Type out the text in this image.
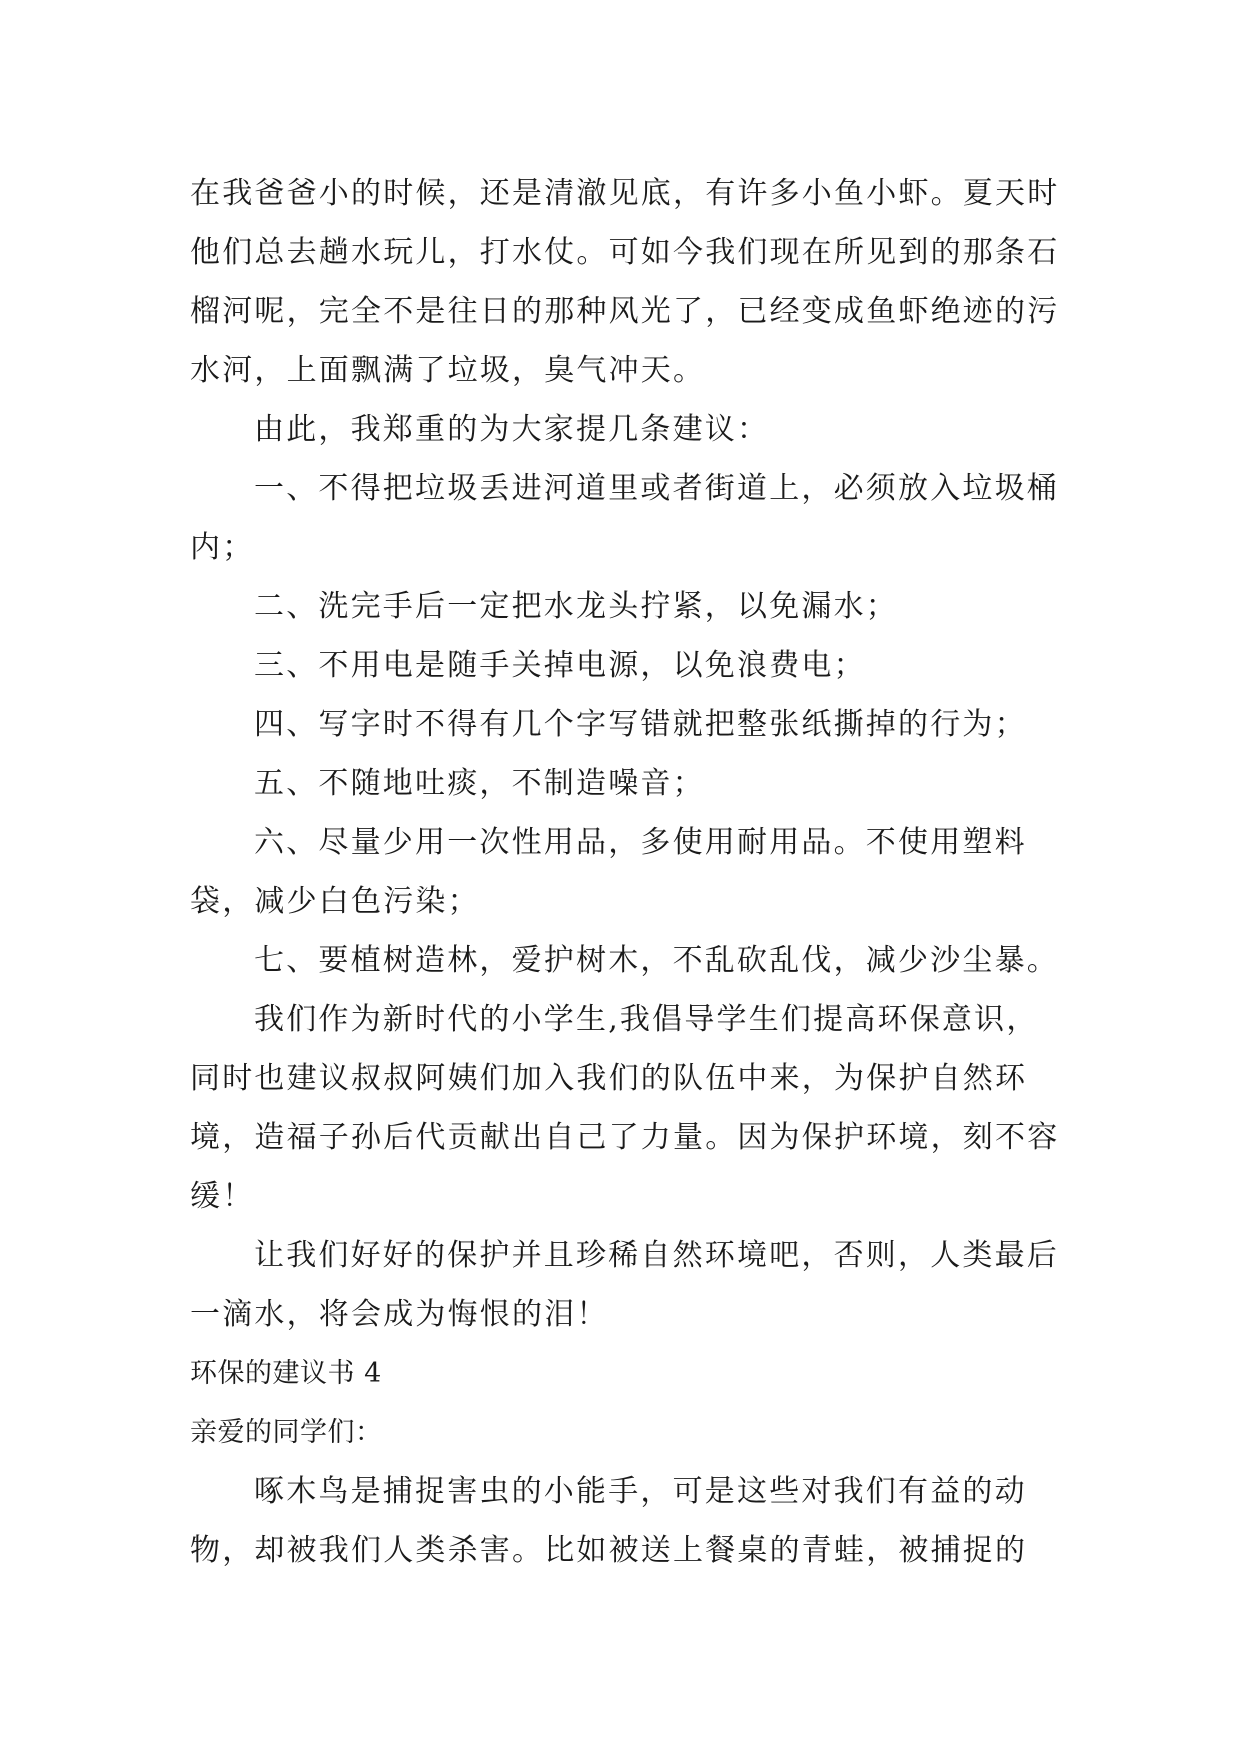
在我爸爸小的时候，还是清澈见底，有许多小鱼小虾。夏天时他们总去趟水玩儿，打水仗。可如今我们现在所见到的那条石榴河呢，完全不是往日的那种风光了，已经变成鱼虾绝迹的污水河，上面飘满了垃圾，臭气冲天。

由此，我郑重的为大家提几条建议：

一、不得把垃圾丢进河道里或者街道上，必须放入垃圾桶内；

二、洗完手后一定把水龙头拧紧，以免漏水；

三、不用电是随手关掉电源，以免浪费电；

四、写字时不得有几个字写错就把整张纸撕掉的行为；

五、不随地吐痰，不制造噪音；

六、尽量少用一次性用品，多使用耐用品。不使用塑料袋，减少白色污染；

七、要植树造林，爱护树木，不乱砍乱伐，减少沙尘暴。

我们作为新时代的小学生,我倡导学生们提高环保意识，同时也建议叔叔阿姨们加入我们的队伍中来，为保护自然环境，造福子孙后代贡献出自己了力量。因为保护环境，刻不容缓！

让我们好好的保护并且珍稀自然环境吧，否则，人类最后一滴水，将会成为悔恨的泪！

环保的建议书 4

亲爱的同学们：

啄木鸟是捕捉害虫的小能手，可是这些对我们有益的动物，却被我们人类杀害。比如被送上餐桌的青蛙，被捕捉的
